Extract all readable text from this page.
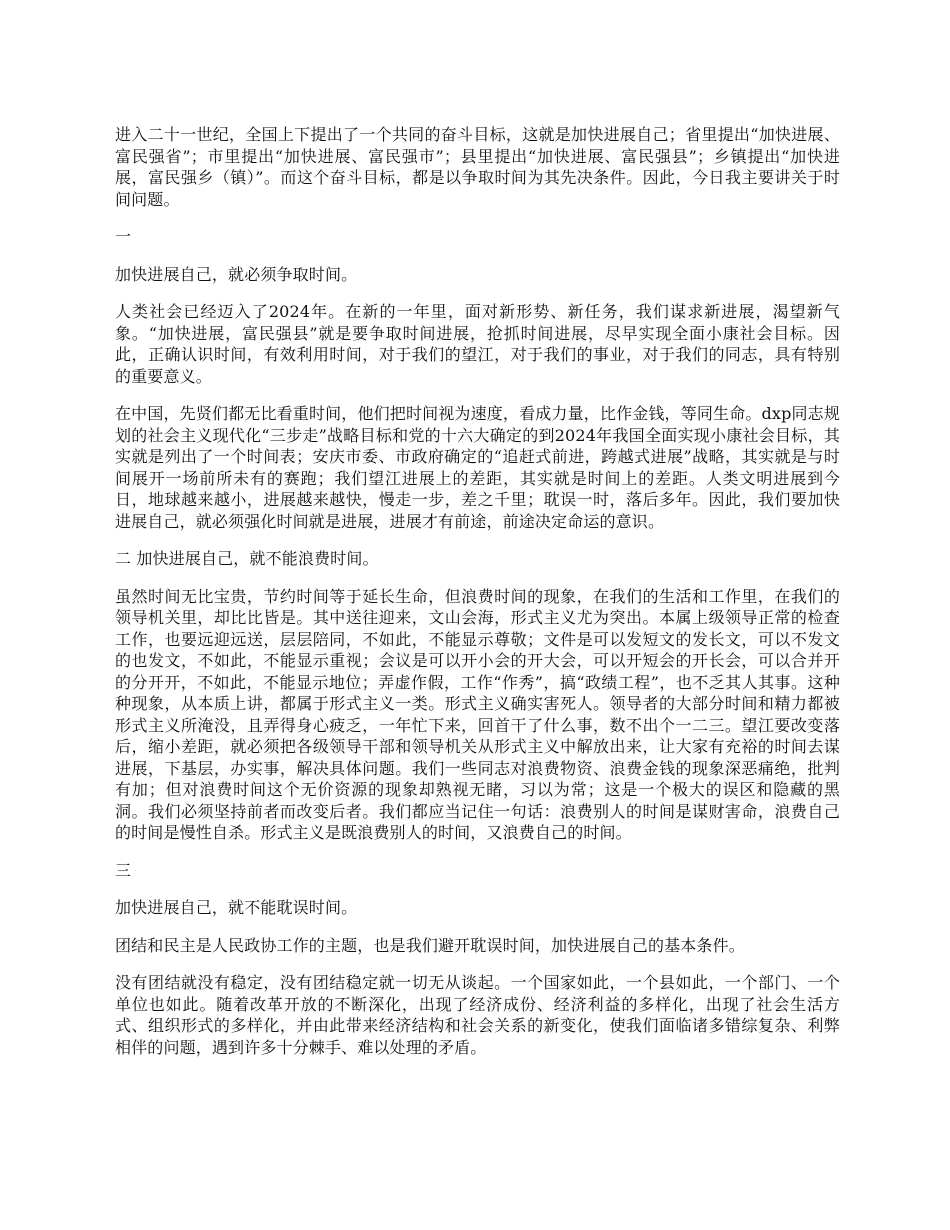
进入二十一世纪，全国上下提出了一个共同的奋斗目标，这就是加快进展自己；省里提出“加快进展、富民强省”；市里提出“加快进展、富民强市”；县里提出“加快进展、富民强县”；乡镇提出“加快进展，富民强乡（镇）”。而这个奋斗目标，都是以争取时间为其先决条件。因此，今日我主要讲关于时间问题。

一

加快进展自己，就必须争取时间。

人类社会已经迈入了2024年。在新的一年里，面对新形势、新任务，我们谋求新进展，渴望新气象。“加快进展，富民强县”就是要争取时间进展，抢抓时间进展，尽早实现全面小康社会目标。因此，正确认识时间，有效利用时间，对于我们的望江，对于我们的事业，对于我们的同志，具有特别的重要意义。

在中国，先贤们都无比看重时间，他们把时间视为速度，看成力量，比作金钱，等同生命。dxp同志规划的社会主义现代化“三步走”战略目标和党的十六大确定的到2024年我国全面实现小康社会目标，其实就是列出了一个时间表；安庆市委、市政府确定的“追赶式前进，跨越式进展”战略，其实就是与时间展开一场前所未有的赛跑；我们望江进展上的差距，其实就是时间上的差距。人类文明进展到今日，地球越来越小，进展越来越快，慢走一步，差之千里；耽误一时，落后多年。因此，我们要加快进展自己，就必须强化时间就是进展，进展才有前途，前途决定命运的意识。

二 加快进展自己，就不能浪费时间。

虽然时间无比宝贵，节约时间等于延长生命，但浪费时间的现象，在我们的生活和工作里，在我们的领导机关里，却比比皆是。其中送往迎来，文山会海，形式主义尤为突出。本属上级领导正常的检查工作，也要远迎远送，层层陪同，不如此，不能显示尊敬；文件是可以发短文的发长文，可以不发文的也发文，不如此，不能显示重视；会议是可以开小会的开大会，可以开短会的开长会，可以合并开的分开开，不如此，不能显示地位；弄虚作假，工作“作秀”，搞“政绩工程”，也不乏其人其事。这种种现象，从本质上讲，都属于形式主义一类。形式主义确实害死人。领导者的大部分时间和精力都被形式主义所淹没，且弄得身心疲乏，一年忙下来，回首干了什么事，数不出个一二三。望江要改变落后，缩小差距，就必须把各级领导干部和领导机关从形式主义中解放出来，让大家有充裕的时间去谋进展，下基层，办实事，解决具体问题。我们一些同志对浪费物资、浪费金钱的现象深恶痛绝，批判有加；但对浪费时间这个无价资源的现象却熟视无睹，习以为常；这是一个极大的误区和隐藏的黑洞。我们必须坚持前者而改变后者。我们都应当记住一句话：浪费别人的时间是谋财害命，浪费自己的时间是慢性自杀。形式主义是既浪费别人的时间，又浪费自己的时间。

三

加快进展自己，就不能耽误时间。

团结和民主是人民政协工作的主题，也是我们避开耽误时间，加快进展自己的基本条件。

没有团结就没有稳定，没有团结稳定就一切无从谈起。一个国家如此，一个县如此，一个部门、一个单位也如此。随着改革开放的不断深化，出现了经济成份、经济利益的多样化，出现了社会生活方式、组织形式的多样化，并由此带来经济结构和社会关系的新变化，使我们面临诸多错综复杂、利弊相伴的问题，遇到许多十分棘手、难以处理的矛盾。
